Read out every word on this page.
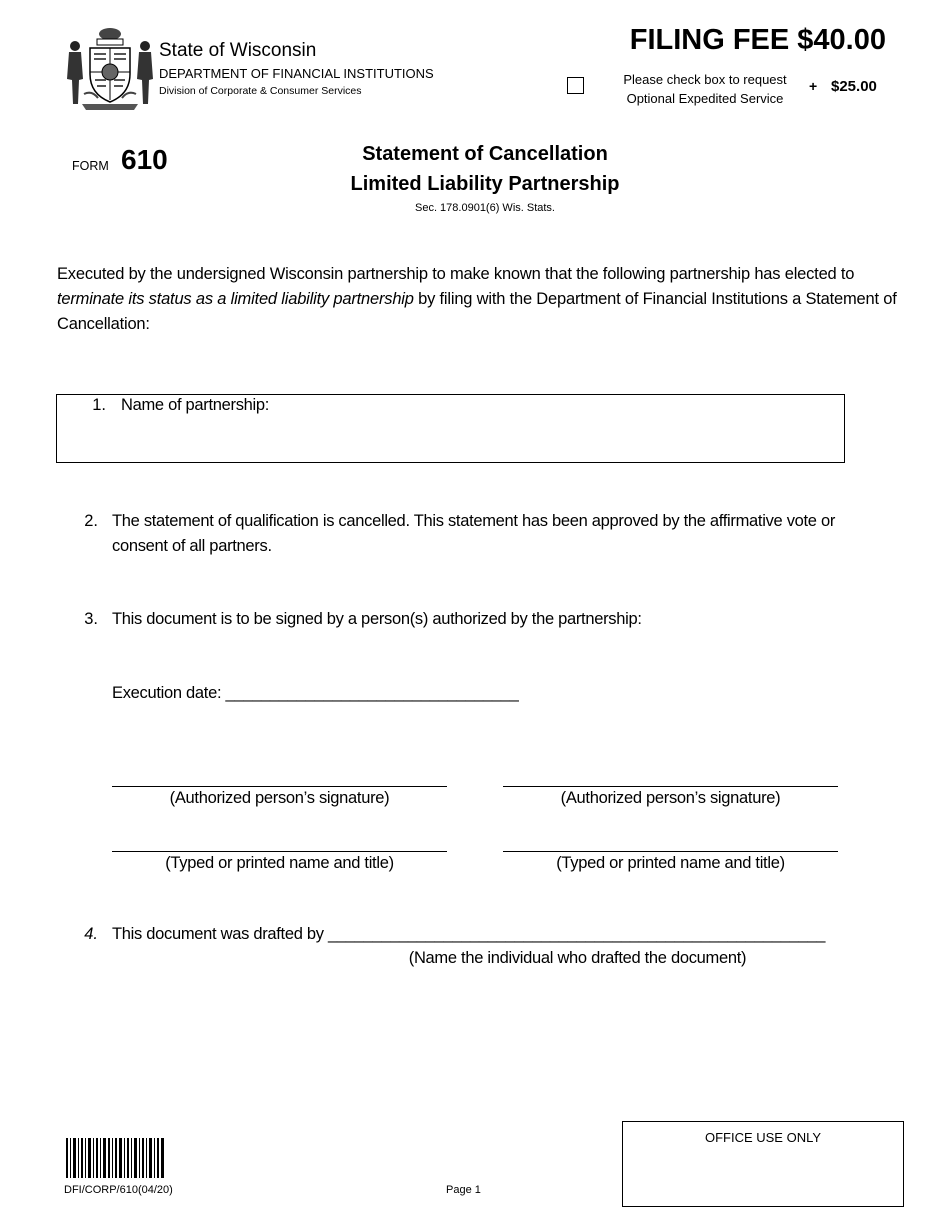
State of Wisconsin
DEPARTMENT OF FINANCIAL INSTITUTIONS
Division of Corporate & Consumer Services
FILING FEE $40.00
Please check box to request
Optional Expedited Service
+ $25.00
FORM 610	Statement of Cancellation
Limited Liability Partnership
Sec. 178.0901(6) Wis. Stats.
Executed by the undersigned Wisconsin partnership to make known that the following partnership has elected to terminate its status as a limited liability partnership by filing with the Department of Financial Institutions a Statement of Cancellation:
1. Name of partnership:
2. The statement of qualification is cancelled. This statement has been approved by the affirmative vote or
consent of all partners.
3. This document is to be signed by a person(s) authorized by the partnership:
Execution date: _________________________________
(Authorized person’s signature)	(Authorized person’s signature)
(Typed or printed name and title)	(Typed or printed name and title)
4. This document was drafted by ________________________________________________________
(Name the individual who drafted the document)
DFI/CORP/610(04/20)	Page 1
OFFICE USE ONLY
